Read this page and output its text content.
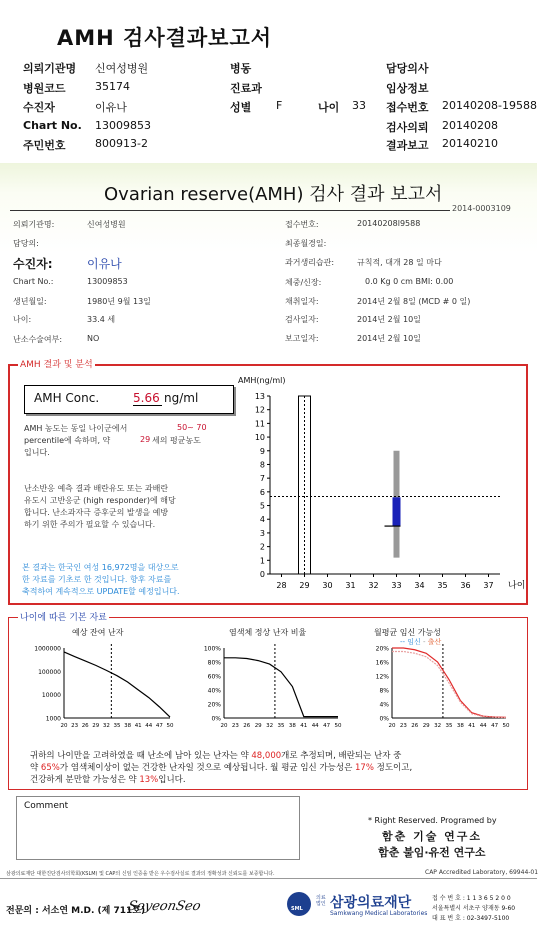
AMH 검사결과보고서
의뢰기관명 신여성병원	병동	담당의사
병원코드	35174	진료과	임상정보
수진자	이유나	성별 F	나이 33 접수번호 20140208-19588
Chart No. 13009853	검사의뢰 20140208
주민번호	800913-2	결과보고 20140210
Ovarian reserve(AMH) 검사 결과 보고서
2014-0003109
의뢰기관명:	신여성병원
담당의:
수진자:	이유나
Chart No.:	13009853
생년월일:	1980년 9월 13일
나이:	33.4 세
난소수술여부:	NO
접수번호:	20140208l9588
최종월경일:
과거생리습관:	규칙적, 대개 28 일 마다
체중/신장:	0.0 Kg 0 cm BMI: 0.00
채취일자:	2014년 2월 8일 (MCD # 0 일)
검사일자:	2014년 2월 10일
보고일자:	2014년 2월 10일
AMH 결과 및 분석
AMH Conc.	5.66 ng/ml
AMH 농도는 동일 나이군에서	50~ 70
percentile에 속하며, 약	29 세의 평균농도
입니다.
난소반응 예측 결과 배란유도 또는 과배란
유도시 고반응군 (high responder)에 해당
합니다. 난소과자극 증후군의 발생을 예방
하기 위한 주의가 필요할 수 있습니다.
본 결과는 한국인 여성 16,972명을 대상으로
한 자료를 기초로 한 것입니다. 향후 자료를
축적하여 계속적으로 UPDATE할 예정입니다.
AMH(ng/ml)
0
1
2
3
4
5
6
7
8
9
10
11
12
13
28 29 30 31 32 33 34 35 36 37 나이
나이에 따른 기본 자료
예상 잔여 난자	염색체 정상 난자 비율	월평균 임신 가능성
-- 임신 - 출산
1000000
100000
10000
1000
20 23 26 29 32 35 38 41 44 47 50
100%
80%
60%
40%
20%
0%
20 23 26 29 32 35 38 41 44 47 50
20%
16%
12%
8%
4%
0%
20 23 26 29 32 35 38 41 44 47 50
귀하의 나이만을 고려하였을 때 난소에 남아 있는 난자는 약 48,000개로 추정되며, 배란되는 난자 중
약 65%가 염색체이상이 없는 건강한 난자일 것으로 예상됩니다. 월 평균 임신 가능성은 17% 정도이고,
건강하게 분만할 가능성은 약 13%입니다.
Comment
* Right Reserved. Programed by
함춘 기술 연구소
함춘 불임·유전 연구소
삼광의료재단 대한진단검사의학회(KSLM) 및 CAP의 신임 인증을 받은 우수검사실로 결과의 정확성과 신뢰도를 보증합니다.	CAP Accredited Laboratory, 69944-01
전문의 : 서소연 M.D. (제 711호)
SoyeonSeo	SML
의료법인 삼광의료재단
Samkwang Medical Laboratories
접 수 번 호 : 1 1 3 6 5 2 0 0
서울특별시 서초구 양재동 9-60
대 표 번 호 : 02-3497-5100
